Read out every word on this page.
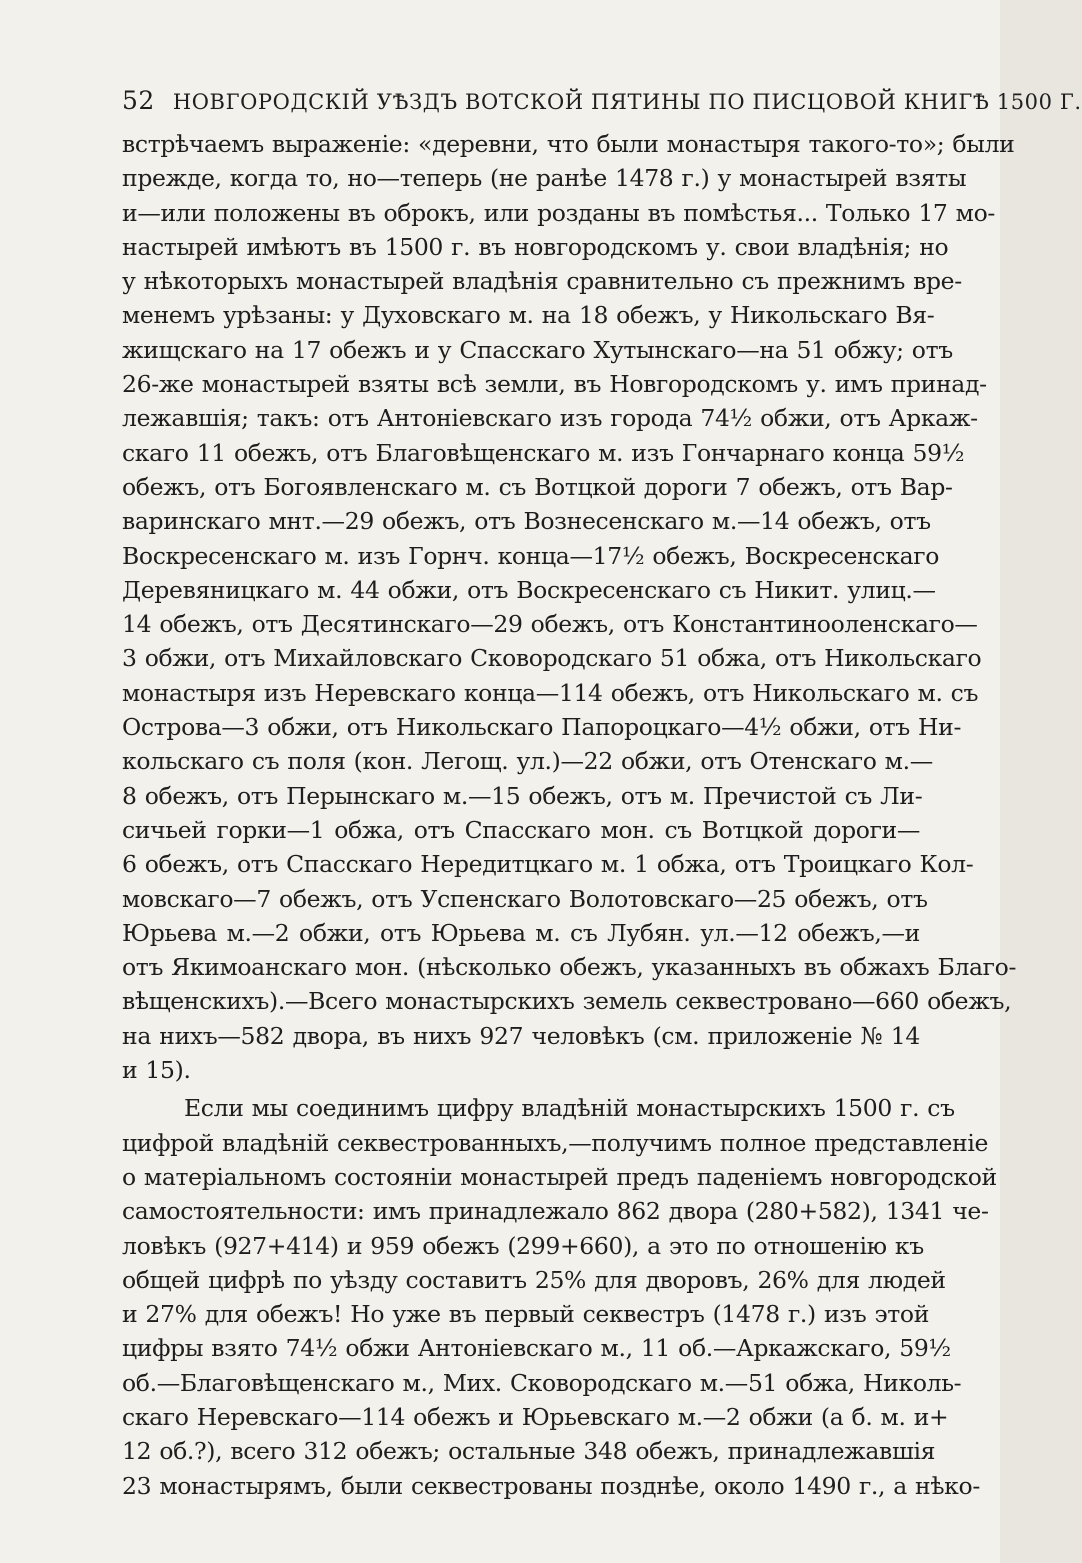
52 НОВГОРОДСКІЙ УѢЗДЪ ВОТСКОЙ ПЯТИНЫ ПО ПИСЦОВОЙ КНИГѢ 1500 Г.
встрѣчаемъ выраженіе: «деревни, что были монастыря такого-то»; были
прежде, когда то, но—теперь (не ранѣе 1478 г.) у монастырей взяты
и—или положены въ оброкъ, или розданы въ помѣстья... Только 17 мо-
настырей имѣютъ въ 1500 г. въ новгородскомъ у. свои владѣнія; но
у нѣкоторыхъ монастырей владѣнія сравнительно съ прежнимъ вре-
менемъ урѣзаны: у Духовскаго м. на 18 обежъ, у Никольскаго Вя-
жищскаго на 17 обежъ и у Спасскаго Хутынскаго—на 51 обжу; отъ
26-же монастырей взяты всѣ земли, въ Новгородскомъ у. имъ принад-
лежавшія; такъ: отъ Антоніевскаго изъ города 74½ обжи, отъ Аркаж-
скаго 11 обежъ, отъ Благовѣщенскаго м. изъ Гончарнаго конца 59½
обежъ, отъ Богоявленскаго м. съ Вотцкой дороги 7 обежъ, отъ Вар-
варинскаго мнт.—29 обежъ, отъ Вознесенскаго м.—14 обежъ, отъ
Воскресенскаго м. изъ Горнч. конца—17½ обежъ, Воскресенскаго
Деревяницкаго м. 44 обжи, отъ Воскресенскаго съ Никит. улиц.—
14 обежъ, отъ Десятинскаго—29 обежъ, отъ Константинооленскаго—
3 обжи, отъ Михайловскаго Сковородскаго 51 обжа, отъ Никольскаго
монастыря изъ Неревскаго конца—114 обежъ, отъ Никольскаго м. съ
Острова—3 обжи, отъ Никольскаго Папороцкаго—4½ обжи, отъ Ни-
кольскаго съ поля (кон. Легощ. ул.)—22 обжи, отъ Отенскаго м.—
8 обежъ, отъ Перынскаго м.—15 обежъ, отъ м. Пречистой съ Ли-
сичьей горки—1 обжа, отъ Спасскаго мон. съ Вотцкой дороги—
6 обежъ, отъ Спасскаго Нередитцкаго м. 1 обжа, отъ Троицкаго Кол-
мовскаго—7 обежъ, отъ Успенскаго Волотовскаго—25 обежъ, отъ
Юрьева м.—2 обжи, отъ Юрьева м. съ Лубян. ул.—12 обежъ,—и
отъ Якимоанскаго мон. (нѣсколько обежъ, указанныхъ въ обжахъ Благо-
вѣщенскихъ).—Всего монастырскихъ земель секвестровано—660 обежъ,
на нихъ—582 двора, въ нихъ 927 человѣкъ (см. приложеніе № 14
и 15).
Если мы соединимъ цифру владѣній монастырскихъ 1500 г. съ
цифрой владѣній секвестрованныхъ,—получимъ полное представленіе
о матеріальномъ состояніи монастырей предъ паденіемъ новгородской
самостоятельности: имъ принадлежало 862 двора (280+582), 1341 че-
ловѣкъ (927+414) и 959 обежъ (299+660), а это по отношенію къ
общей цифрѣ по уѣзду составитъ 25% для дворовъ, 26% для людей
и 27% для обежъ! Но уже въ первый секвестръ (1478 г.) изъ этой
цифры взято 74½ обжи Антоніевскаго м., 11 об.—Аркажскаго, 59½
об.—Благовѣщенскаго м., Мих. Сковородскаго м.—51 обжа, Николь-
скаго Неревскаго—114 обежъ и Юрьевскаго м.—2 обжи (а б. м. и+
12 об.?), всего 312 обежъ; остальные 348 обежъ, принадлежавшія
23 монастырямъ, были секвестрованы позднѣе, около 1490 г., а нѣко-
